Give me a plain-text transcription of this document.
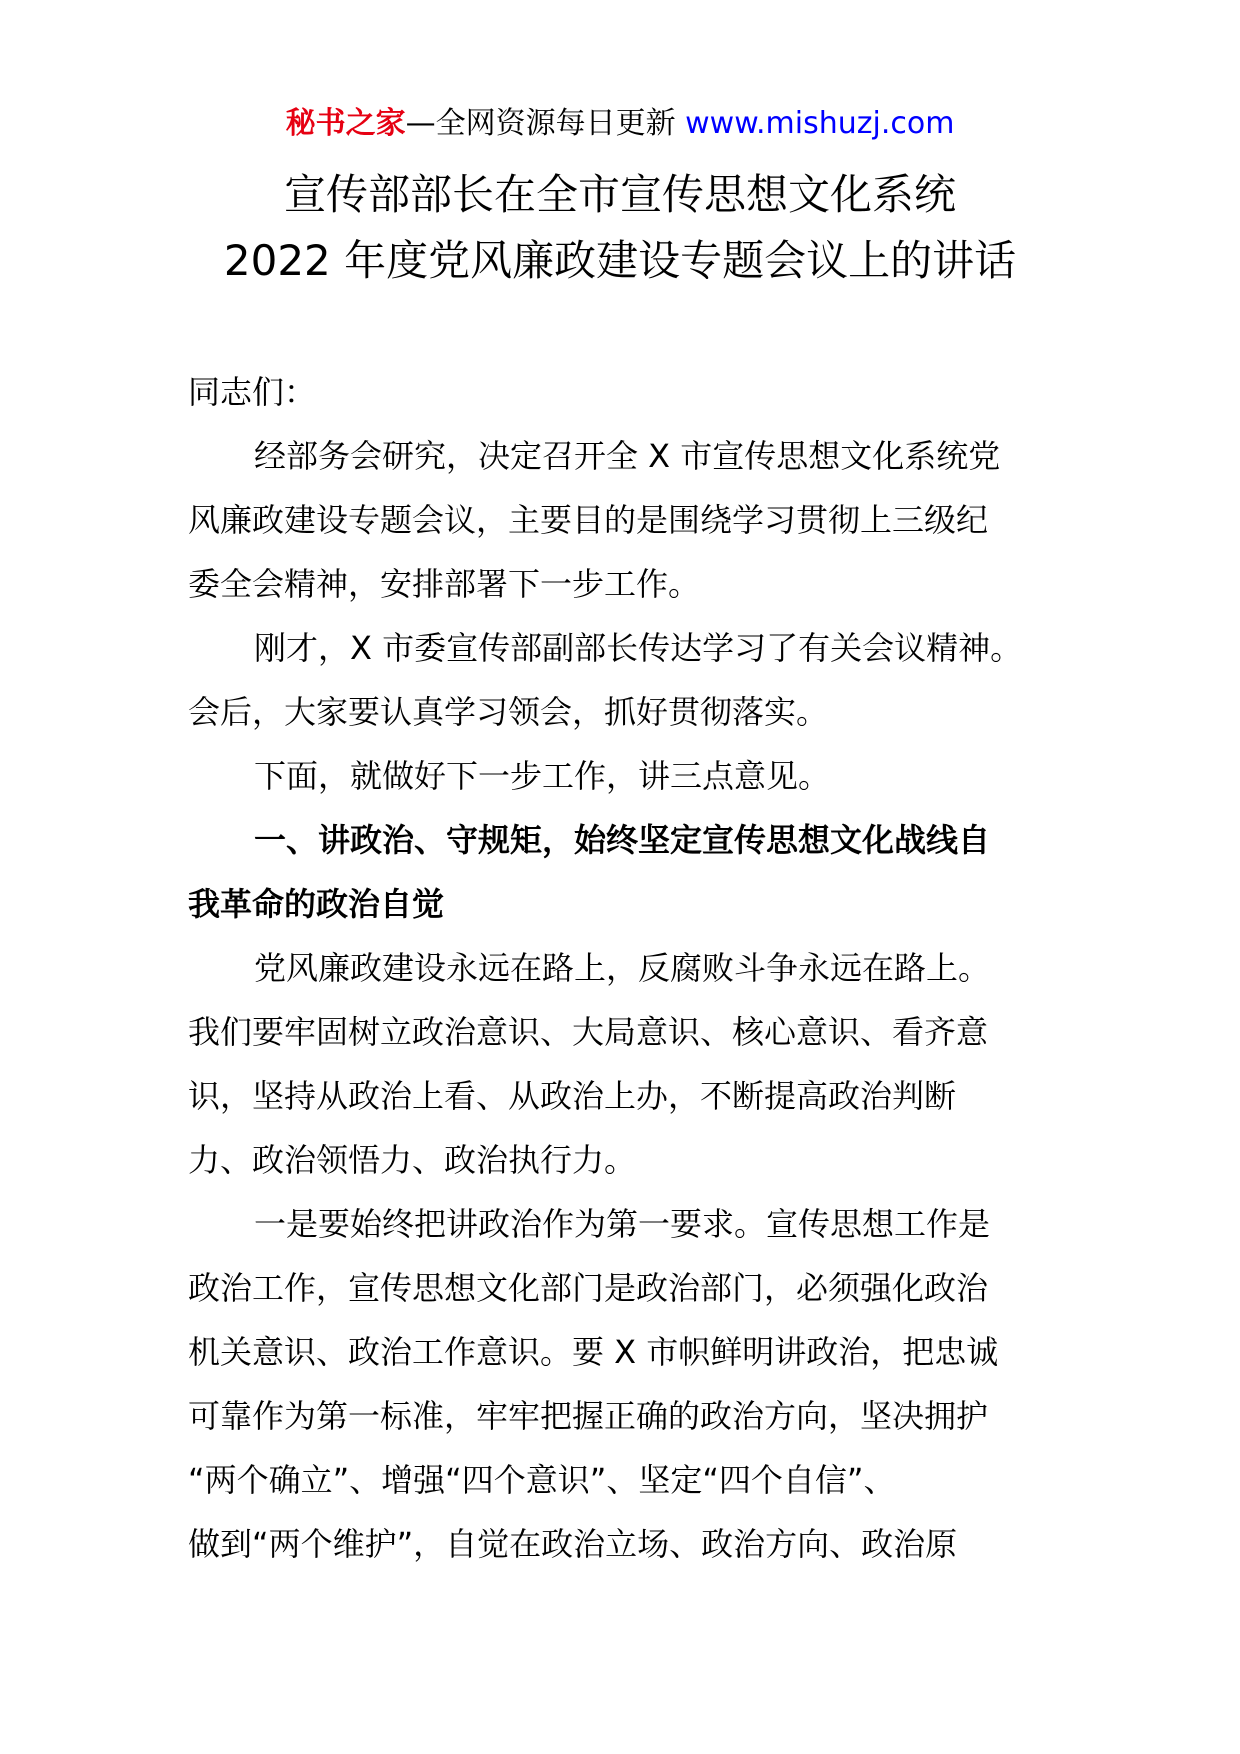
秘书之家—全网资源每日更新 www.mishuzj.com
宣传部部长在全市宣传思想文化系统
2022 年度党风廉政建设专题会议上的讲话
同志们：
经部务会研究，决定召开全 X 市宣传思想文化系统党
风廉政建设专题会议，主要目的是围绕学习贯彻上三级纪
委全会精神，安排部署下一步工作。
刚才，X 市委宣传部副部长传达学习了有关会议精神。
会后，大家要认真学习领会，抓好贯彻落实。
下面，就做好下一步工作，讲三点意见。
一、讲政治、守规矩，始终坚定宣传思想文化战线自
我革命的政治自觉
党风廉政建设永远在路上，反腐败斗争永远在路上。
我们要牢固树立政治意识、大局意识、核心意识、看齐意
识，坚持从政治上看、从政治上办，不断提高政治判断
力、政治领悟力、政治执行力。
一是要始终把讲政治作为第一要求。宣传思想工作是
政治工作，宣传思想文化部门是政治部门，必须强化政治
机关意识、政治工作意识。要 X 市帜鲜明讲政治，把忠诚
可靠作为第一标准，牢牢把握正确的政治方向，坚决拥护
“两个确立”、增强“四个意识”、坚定“四个自信”、
做到“两个维护”，自觉在政治立场、政治方向、政治原
